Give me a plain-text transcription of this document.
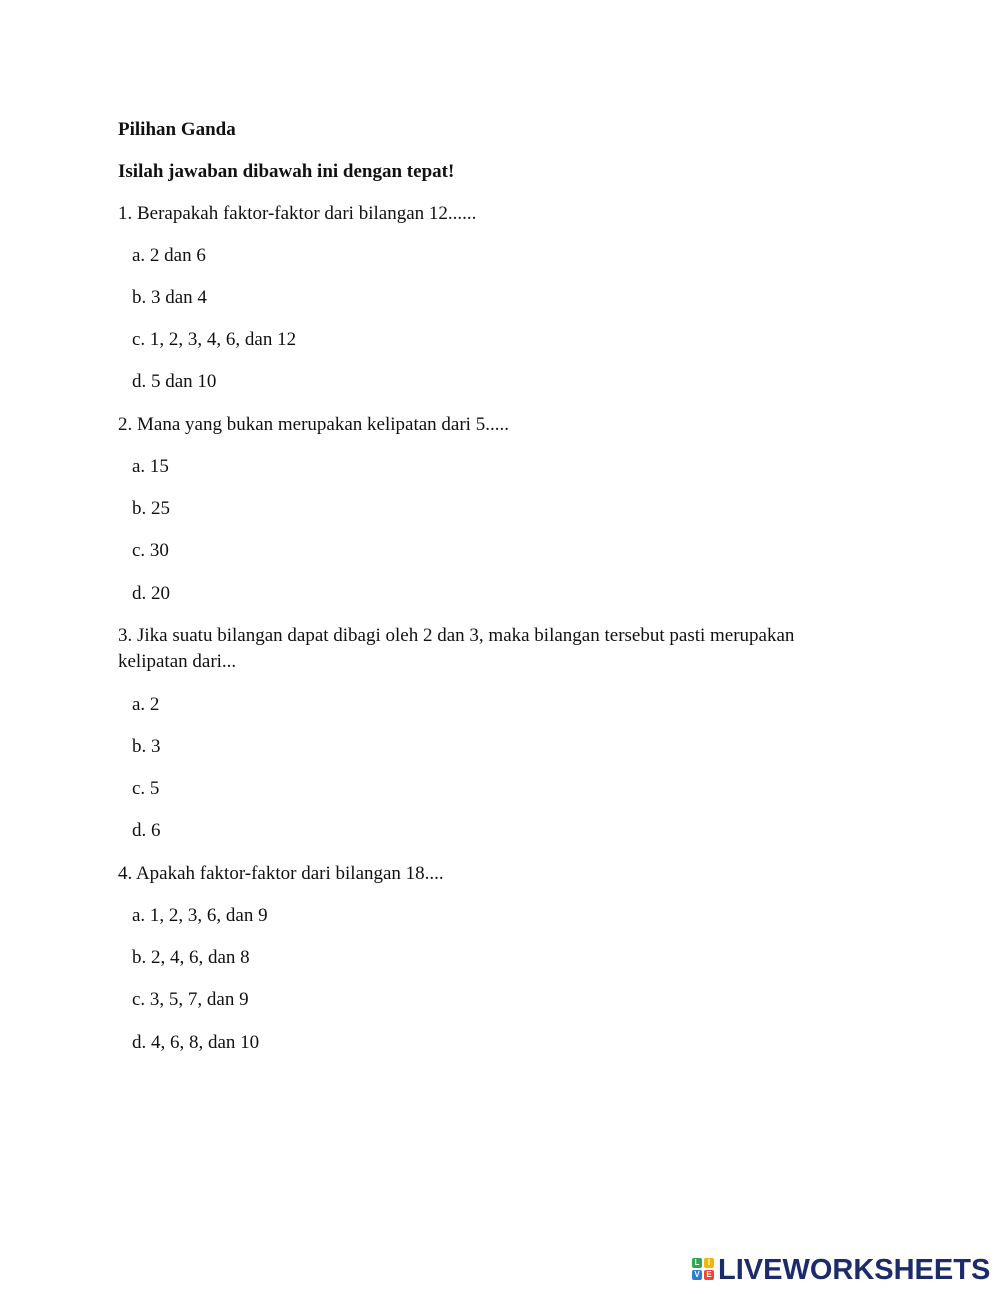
Pilihan Ganda
Isilah jawaban dibawah ini dengan tepat!
1. Berapakah faktor-faktor dari bilangan 12......
a. 2 dan 6
b. 3 dan 4
c. 1, 2, 3, 4, 6, dan 12
d. 5 dan 10
2. Mana yang bukan merupakan kelipatan dari 5.....
a. 15
b. 25
c. 30
d. 20
3. Jika suatu bilangan dapat dibagi oleh 2 dan 3, maka bilangan tersebut pasti merupakan kelipatan dari...
a. 2
b. 3
c. 5
d. 6
4. Apakah faktor-faktor dari bilangan 18....
a. 1, 2, 3, 6, dan 9
b. 2, 4, 6, dan 8
c. 3, 5, 7, dan 9
d. 4, 6, 8, dan 10
L	I
V E LIVEWORKSHEETS
